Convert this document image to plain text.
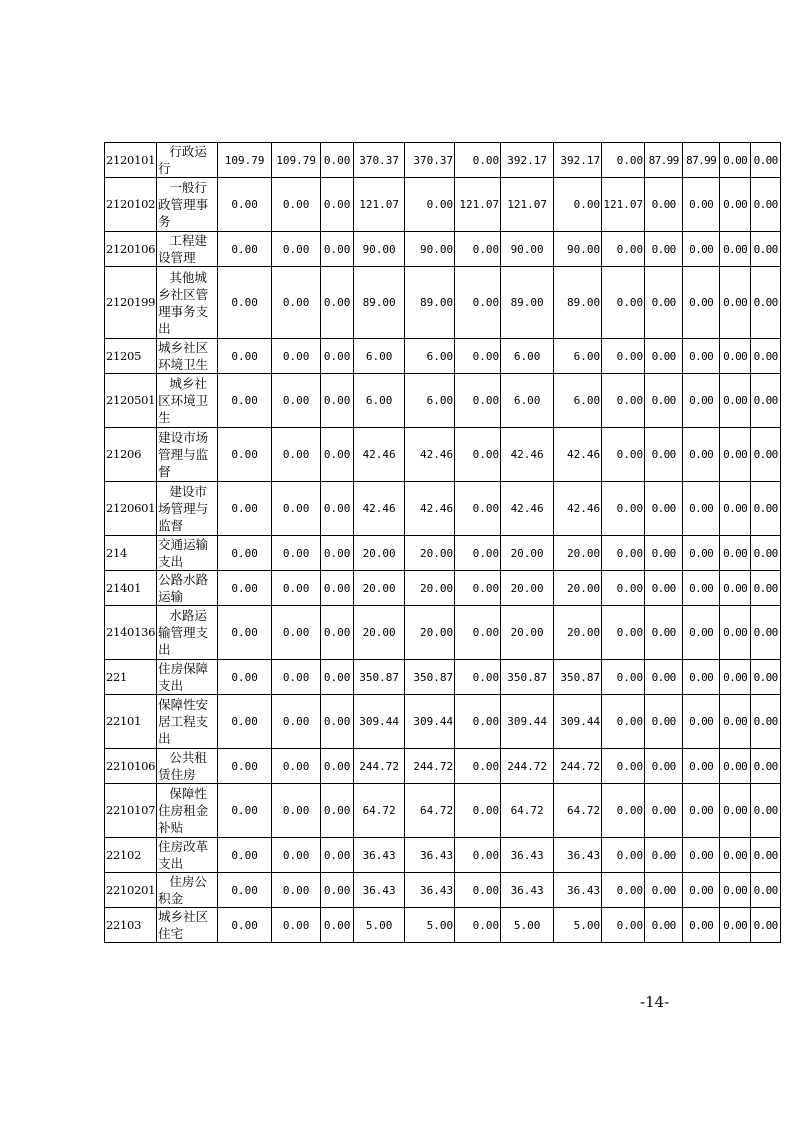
2120101	行政运行	109.79	109.79	0.00	370.37	370.37	0.00	392.17	392.17	0.00	87.99	87.99	0.00	0.00
2120102	一般行政管理事务	0.00	0.00	0.00	121.07	0.00	121.07	121.07	0.00	121.07	0.00	0.00	0.00	0.00
2120106	工程建设管理	0.00	0.00	0.00	90.00	90.00	0.00	90.00	90.00	0.00	0.00	0.00	0.00	0.00
2120199	其他城乡社区管理事务支出	0.00	0.00	0.00	89.00	89.00	0.00	89.00	89.00	0.00	0.00	0.00	0.00	0.00
21205	城乡社区环境卫生	0.00	0.00	0.00	6.00	6.00	0.00	6.00	6.00	0.00	0.00	0.00	0.00	0.00
2120501	城乡社区环境卫生	0.00	0.00	0.00	6.00	6.00	0.00	6.00	6.00	0.00	0.00	0.00	0.00	0.00
21206	建设市场管理与监督	0.00	0.00	0.00	42.46	42.46	0.00	42.46	42.46	0.00	0.00	0.00	0.00	0.00
2120601	建设市场管理与监督	0.00	0.00	0.00	42.46	42.46	0.00	42.46	42.46	0.00	0.00	0.00	0.00	0.00
214	交通运输支出	0.00	0.00	0.00	20.00	20.00	0.00	20.00	20.00	0.00	0.00	0.00	0.00	0.00
21401	公路水路运输	0.00	0.00	0.00	20.00	20.00	0.00	20.00	20.00	0.00	0.00	0.00	0.00	0.00
2140136	水路运输管理支出	0.00	0.00	0.00	20.00	20.00	0.00	20.00	20.00	0.00	0.00	0.00	0.00	0.00
221	住房保障支出	0.00	0.00	0.00	350.87	350.87	0.00	350.87	350.87	0.00	0.00	0.00	0.00	0.00
22101	保障性安居工程支出	0.00	0.00	0.00	309.44	309.44	0.00	309.44	309.44	0.00	0.00	0.00	0.00	0.00
2210106	公共租赁住房	0.00	0.00	0.00	244.72	244.72	0.00	244.72	244.72	0.00	0.00	0.00	0.00	0.00
2210107	保障性住房租金补贴	0.00	0.00	0.00	64.72	64.72	0.00	64.72	64.72	0.00	0.00	0.00	0.00	0.00
22102	住房改革支出	0.00	0.00	0.00	36.43	36.43	0.00	36.43	36.43	0.00	0.00	0.00	0.00	0.00
2210201	住房公积金	0.00	0.00	0.00	36.43	36.43	0.00	36.43	36.43	0.00	0.00	0.00	0.00	0.00
22103	城乡社区住宅	0.00	0.00	0.00	5.00	5.00	0.00	5.00	5.00	0.00	0.00	0.00	0.00	0.00
-14-
